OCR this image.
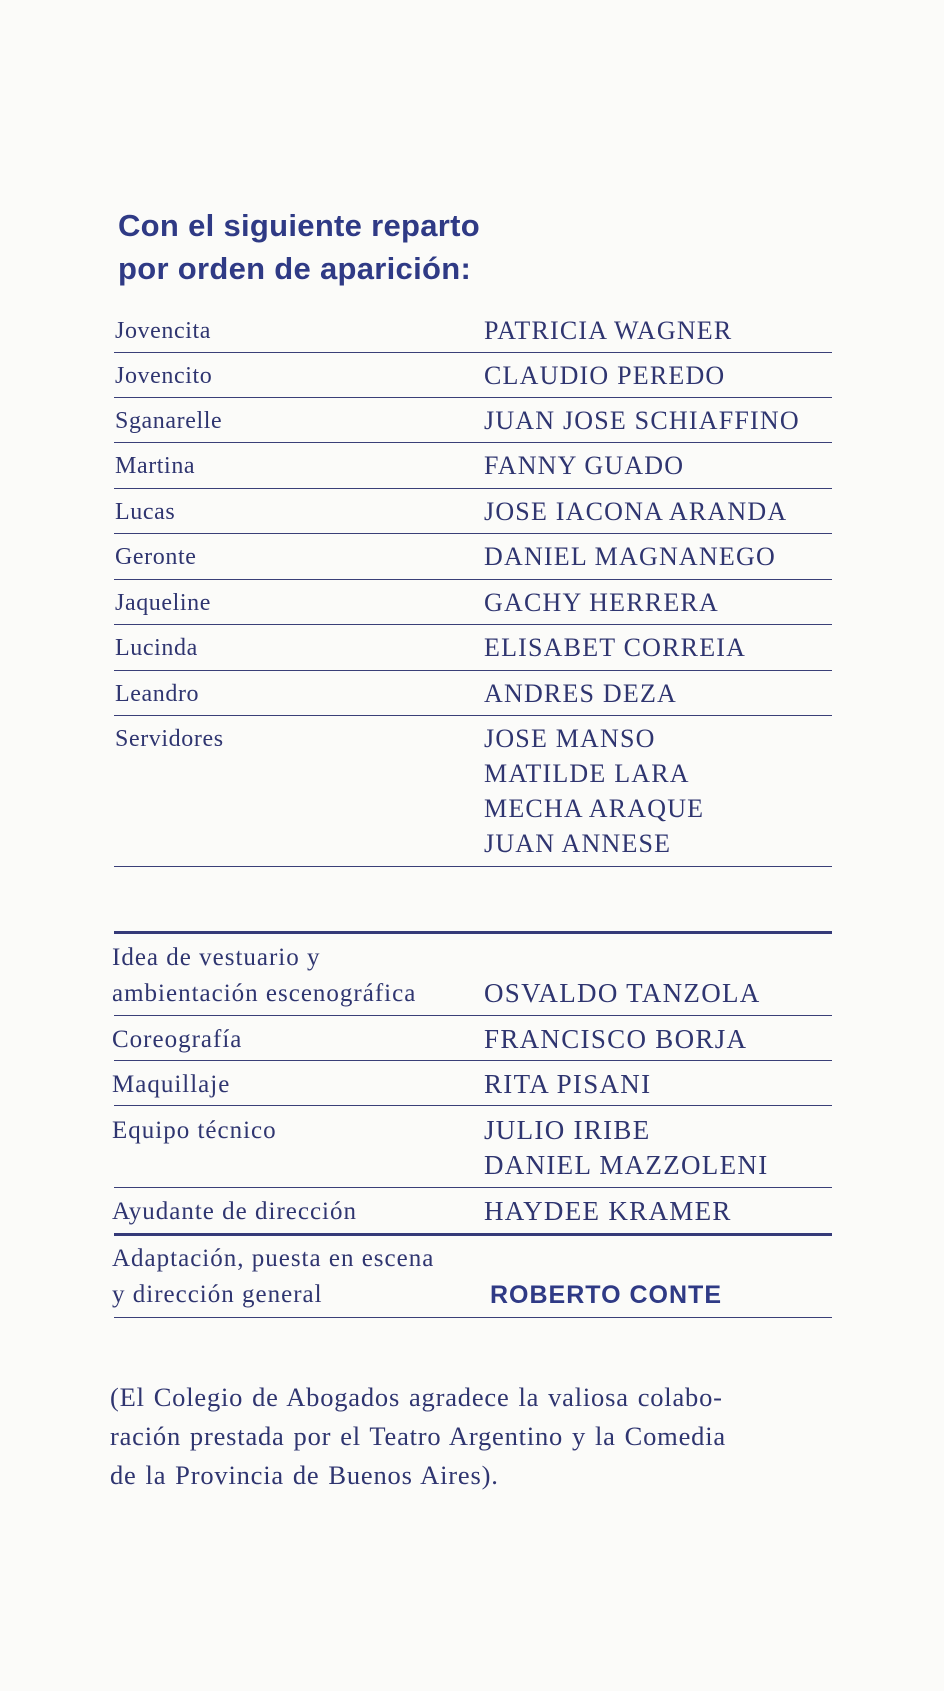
Con el siguiente reparto
por orden de aparición:
Jovencita	PATRICIA WAGNER
Jovencito	CLAUDIO PEREDO
Sganarelle	JUAN JOSE SCHIAFFINO
Martina	FANNY GUADO
Lucas	JOSE IACONA ARANDA
Geronte	DANIEL MAGNANEGO
Jaqueline	GACHY HERRERA
Lucinda	ELISABET CORREIA
Leandro	ANDRES DEZA
Servidores	JOSE MANSO
MATILDE LARA
MECHA ARAQUE
JUAN ANNESE
Idea de vestuario y
ambientación escenográfica	OSVALDO TANZOLA
Coreografía	FRANCISCO BORJA
Maquillaje	RITA PISANI
Equipo técnico	JULIO IRIBE
DANIEL MAZZOLENI
Ayudante de dirección	HAYDEE KRAMER
Adaptación, puesta en escena
y dirección general	ROBERTO CONTE
(El Colegio de Abogados agradece la valiosa colabo-
ración prestada por el Teatro Argentino y la Comedia
de la Provincia de Buenos Aires).
